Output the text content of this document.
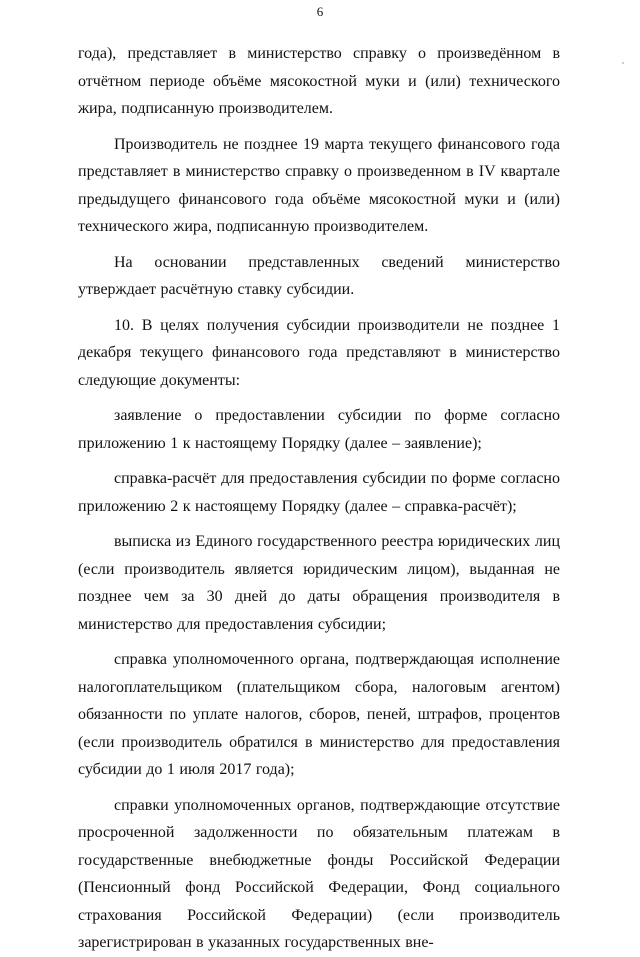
6

года), представляет в министерство справку о произведённом в отчётном периоде объёме мясокостной муки и (или) технического жира, подписанную производителем.

Производитель не позднее 19 марта текущего финансового года представляет в министерство справку о произведенном в IV квартале предыдущего финансового года объёме мясокостной муки и (или) технического жира, подписанную производителем.

На основании представленных сведений министерство утверждает расчётную ставку субсидии.

10. В целях получения субсидии производители не позднее 1 декабря текущего финансового года представляют в министерство следующие документы:

заявление о предоставлении субсидии по форме согласно приложению 1 к настоящему Порядку (далее – заявление);

справка-расчёт для предоставления субсидии по форме согласно приложению 2 к настоящему Порядку (далее – справка-расчёт);

выписка из Единого государственного реестра юридических лиц (если производитель является юридическим лицом), выданная не позднее чем за 30 дней до даты обращения производителя в министерство для предоставления субсидии;

справка уполномоченного органа, подтверждающая исполнение налогоплательщиком (плательщиком сбора, налоговым агентом) обязанности по уплате налогов, сборов, пеней, штрафов, процентов (если производитель обратился в министерство для предоставления субсидии до 1 июля 2017 года);

справки уполномоченных органов, подтверждающие отсутствие просроченной задолженности по обязательным платежам в государственные внебюджетные фонды Российской Федерации (Пенсионный фонд Российской Федерации, Фонд социального страхования Российской Федерации) (если производитель зарегистрирован в указанных государственных вне-
